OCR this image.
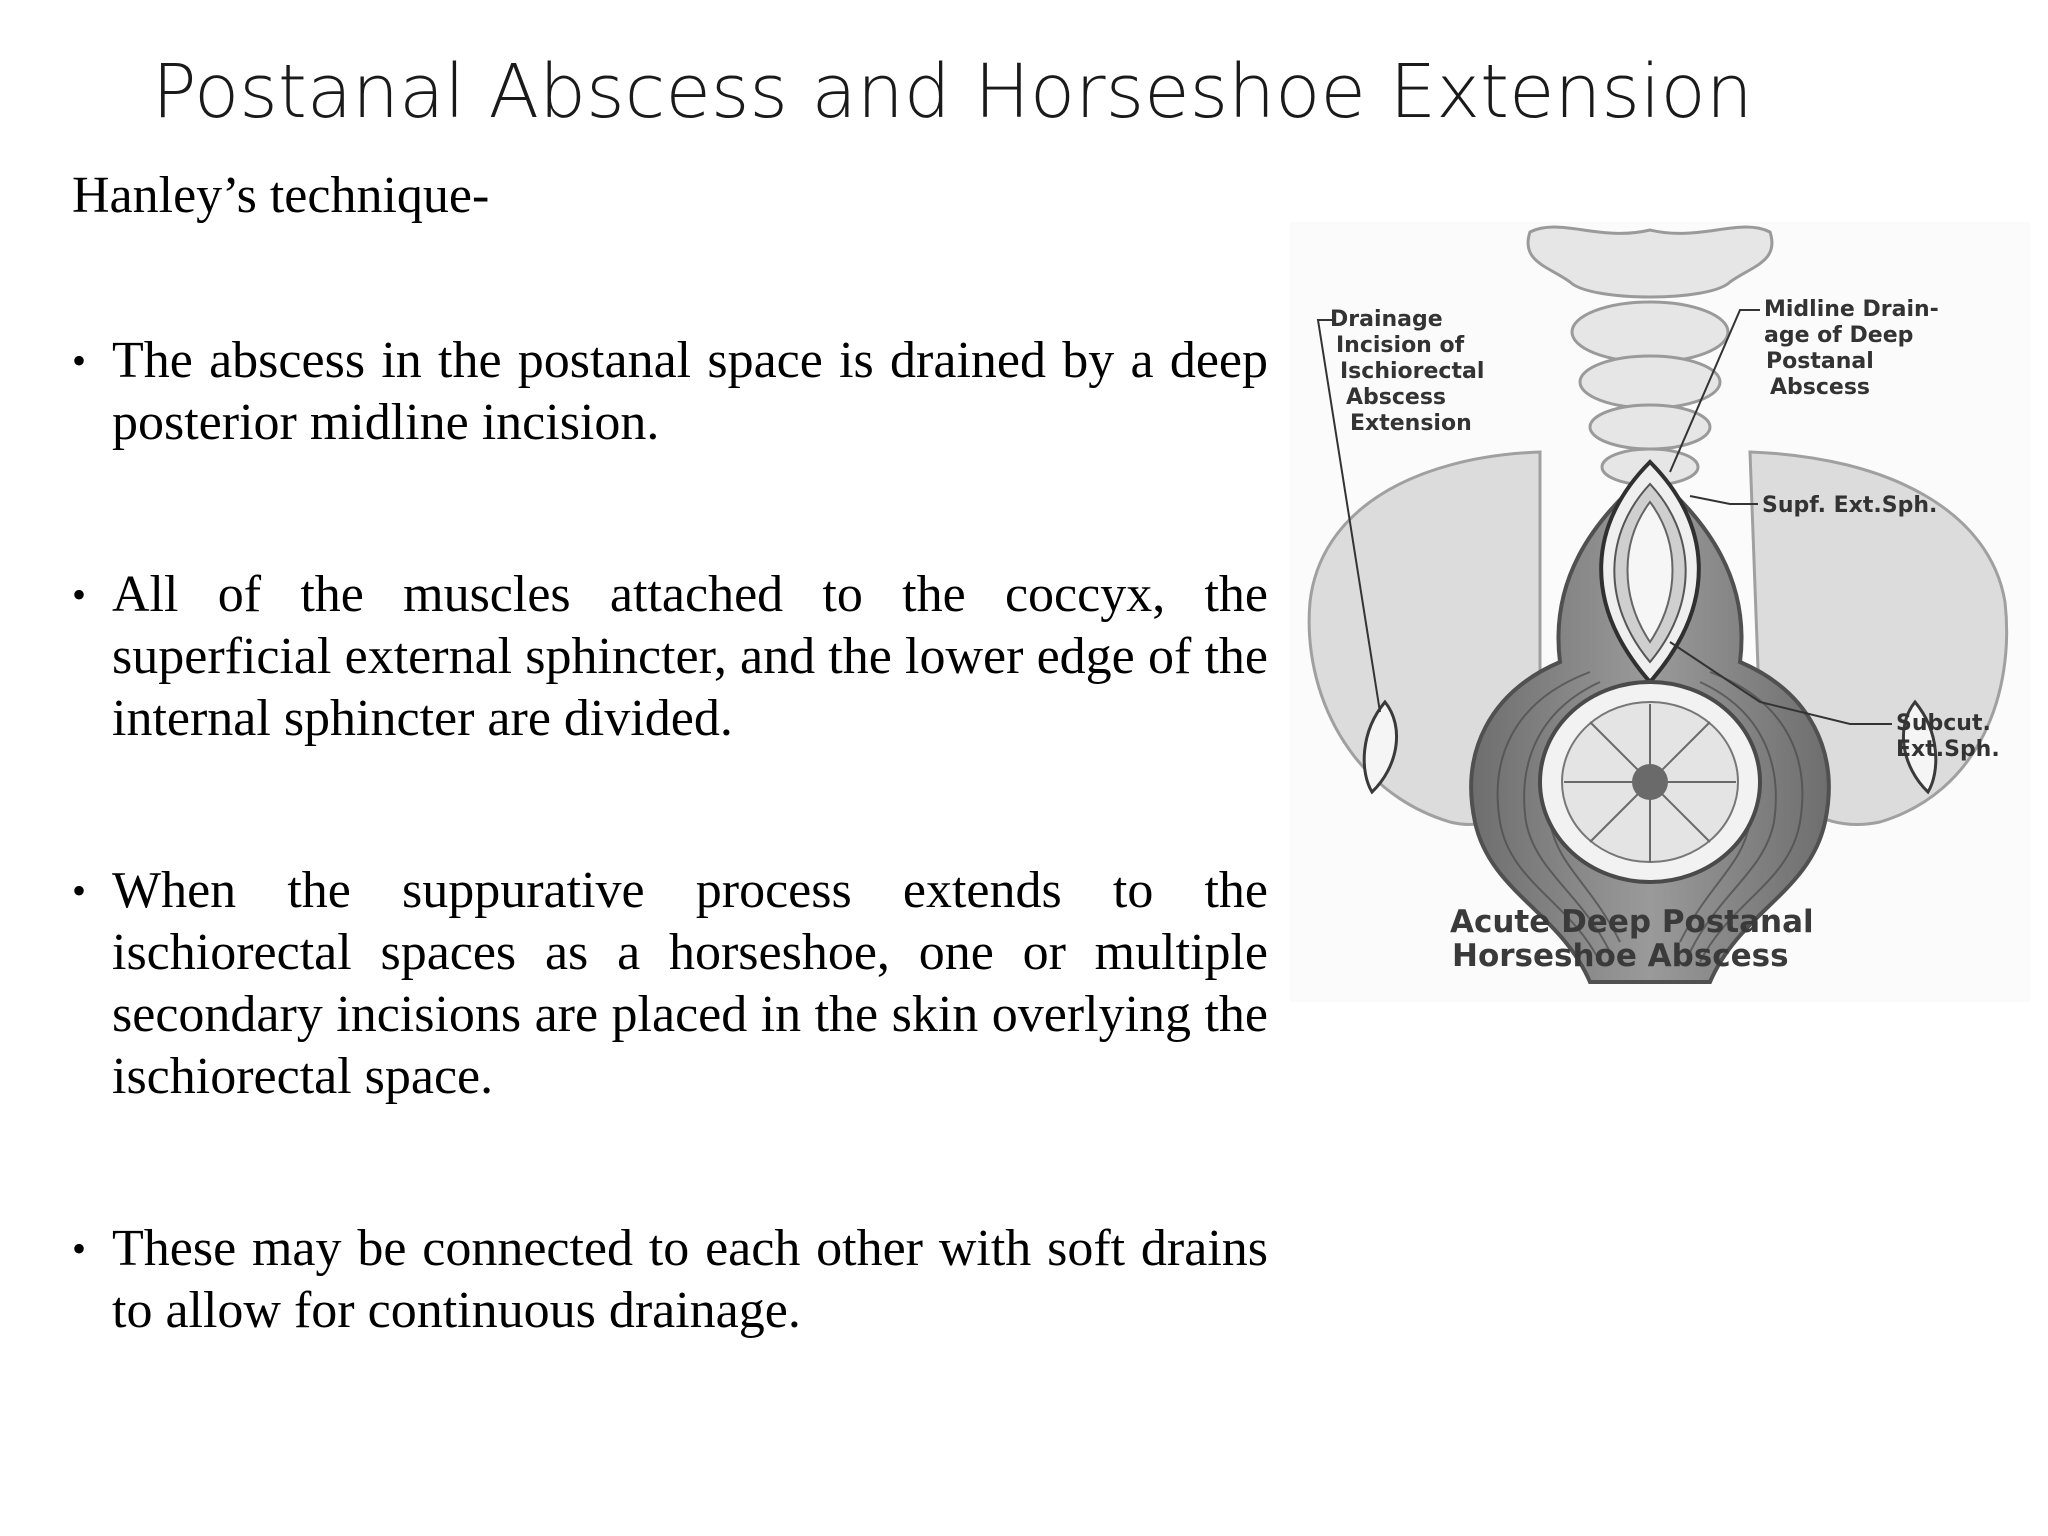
Postanal Abscess and Horseshoe Extension
Hanley’s technique-
• The abscess in the postanal space is drained by a deep posterior midline incision.
• All of the muscles attached to the coccyx, the superficial external sphincter, and the lower edge of the internal sphincter are divided.
• When the suppurative process extends to the ischiorectal spaces as a horseshoe, one or multiple secondary incisions are placed in the skin overlying the ischiorectal space.
• These may be connected to each other with soft drains to allow for continuous drainage.
Drainage Incision of Ischiorectal Abscess Extension
Midline Drain- age of Deep Postanal Abscess
Supf. Ext.Sph.
Subcut. Ext.Sph.
Acute Deep Postanal Horseshoe Abscess
